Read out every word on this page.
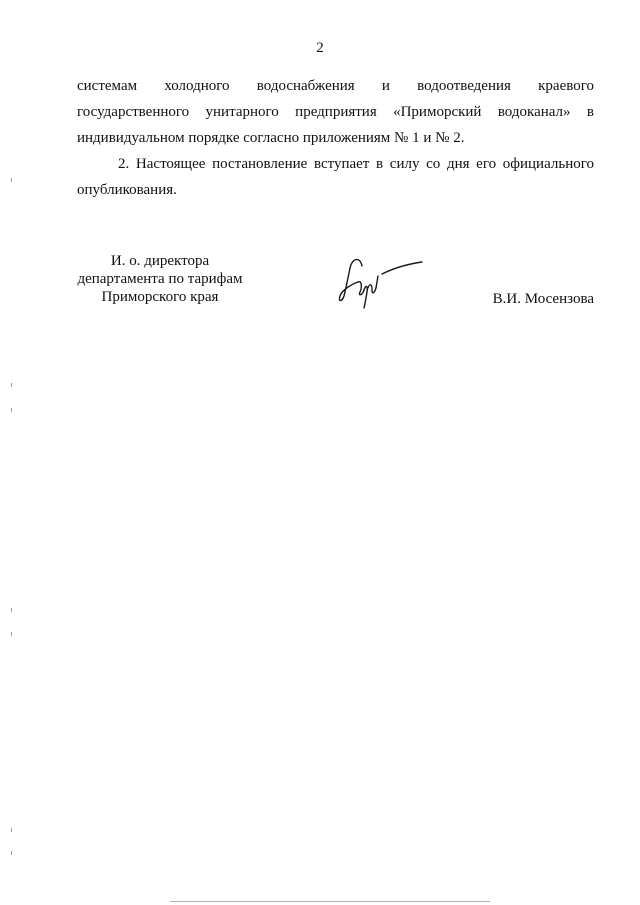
2
системам холодного водоснабжения и водоотведения краевого
государственного унитарного предприятия «Приморский водоканал» в
индивидуальном порядке согласно приложениям № 1 и № 2.
2. Настоящее постановление вступает в силу со дня его официального
опубликования.
И. о. директора
департамента по тарифам
Приморского края	В.И. Мосензова
